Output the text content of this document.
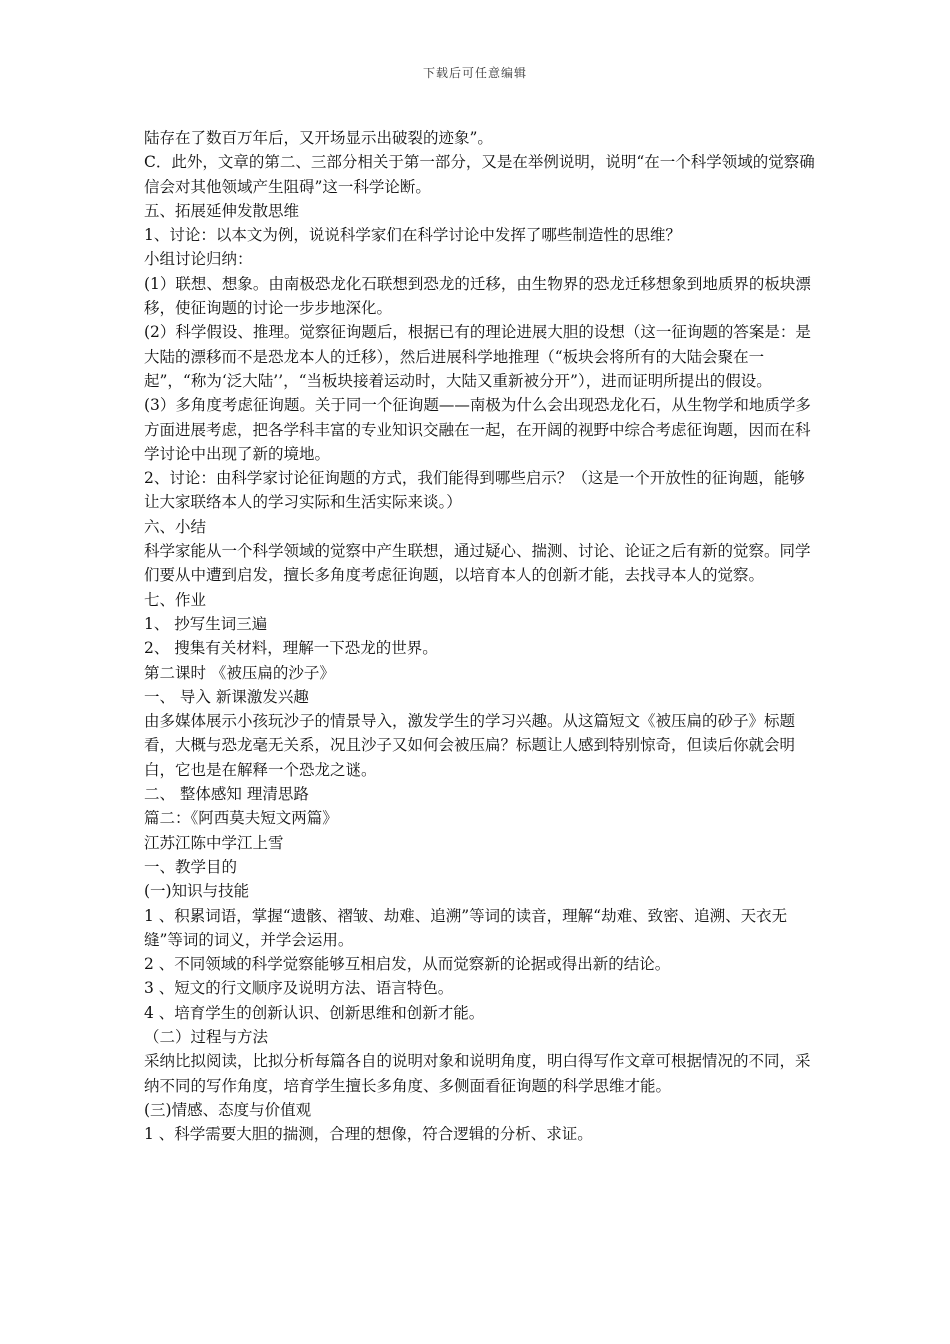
下载后可任意编辑

陆存在了数百万年后，又开场显示出破裂的迹象”。

C．此外，文章的第二、三部分相关于第一部分，又是在举例说明，说明“在一个科学领域的觉察确信会对其他领域产生阻碍”这一科学论断。

五、拓展延伸发散思维

1、讨论：以本文为例，说说科学家们在科学讨论中发挥了哪些制造性的思维？

小组讨论归纳：

(1）联想、想象。由南极恐龙化石联想到恐龙的迁移，由生物界的恐龙迁移想象到地质界的板块漂移，使征询题的讨论一步步地深化。

(2）科学假设、推理。觉察征询题后，根据已有的理论进展大胆的设想（这一征询题的答案是：是大陆的漂移而不是恐龙本人的迁移），然后进展科学地推理（“板块会将所有的大陆会聚在一起”，“称为‘泛大陆’’，“当板块接着运动时，大陆又重新被分开”），进而证明所提出的假设。

(3）多角度考虑征询题。关于同一个征询题——南极为什么会出现恐龙化石，从生物学和地质学多方面进展考虑，把各学科丰富的专业知识交融在一起，在开阔的视野中综合考虑征询题，因而在科学讨论中出现了新的境地。

2、讨论：由科学家讨论征询题的方式，我们能得到哪些启示？（这是一个开放性的征询题，能够让大家联络本人的学习实际和生活实际来谈。）

六、小结

科学家能从一个科学领域的觉察中产生联想，通过疑心、揣测、讨论、论证之后有新的觉察。同学们要从中遭到启发，擅长多角度考虑征询题，以培育本人的创新才能，去找寻本人的觉察。

七、作业

1、 抄写生词三遍

2、 搜集有关材料，理解一下恐龙的世界。

第二课时 《被压扁的沙子》

一、 导入 新课激发兴趣

由多媒体展示小孩玩沙子的情景导入，激发学生的学习兴趣。从这篇短文《被压扁的砂子》标题看，大概与恐龙毫无关系，况且沙子又如何会被压扁？标题让人感到特别惊奇，但读后你就会明白，它也是在解释一个恐龙之谜。

二、 整体感知 理清思路

篇二：《阿西莫夫短文两篇》

江苏江陈中学江上雪

一、教学目的

(一)知识与技能

1 、积累词语，掌握“遗骸、褶皱、劫难、追溯”等词的读音，理解“劫难、致密、追溯、天衣无缝”等词的词义，并学会运用。

2 、不同领域的科学觉察能够互相启发，从而觉察新的论据或得出新的结论。

3 、短文的行文顺序及说明方法、语言特色。

4 、培育学生的创新认识、创新思维和创新才能。

（二）过程与方法

采纳比拟阅读，比拟分析每篇各自的说明对象和说明角度，明白得写作文章可根据情况的不同，采纳不同的写作角度，培育学生擅长多角度、多侧面看征询题的科学思维才能。

(三)情感、态度与价值观

1 、科学需要大胆的揣测，合理的想像，符合逻辑的分析、求证。
